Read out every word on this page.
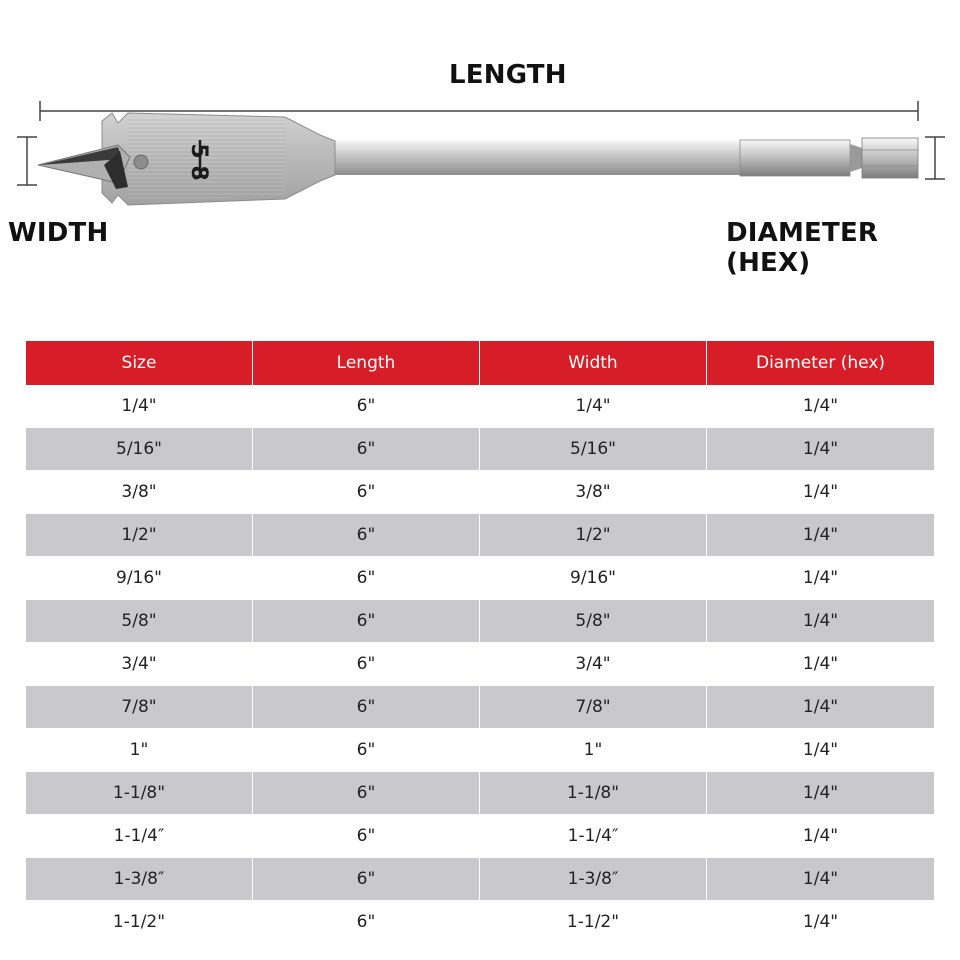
LENGTH
WIDTH	DIAMETER (HEX)
5
8
Size	Length	Width	Diameter (hex)
1/4"	6"	1/4"	1/4"
5/16"	6"	5/16"	1/4"
3/8"	6"	3/8"	1/4"
1/2"	6"	1/2"	1/4"
9/16"	6"	9/16"	1/4"
5/8"	6"	5/8"	1/4"
3/4"	6"	3/4"	1/4"
7/8"	6"	7/8"	1/4"
1"	6"	1"	1/4"
1-1/8"	6"	1-1/8"	1/4"
1-1/4″	6"	1-1/4″	1/4"
1-3/8″	6"	1-3/8″	1/4"
1-1/2"	6"	1-1/2"	1/4"
